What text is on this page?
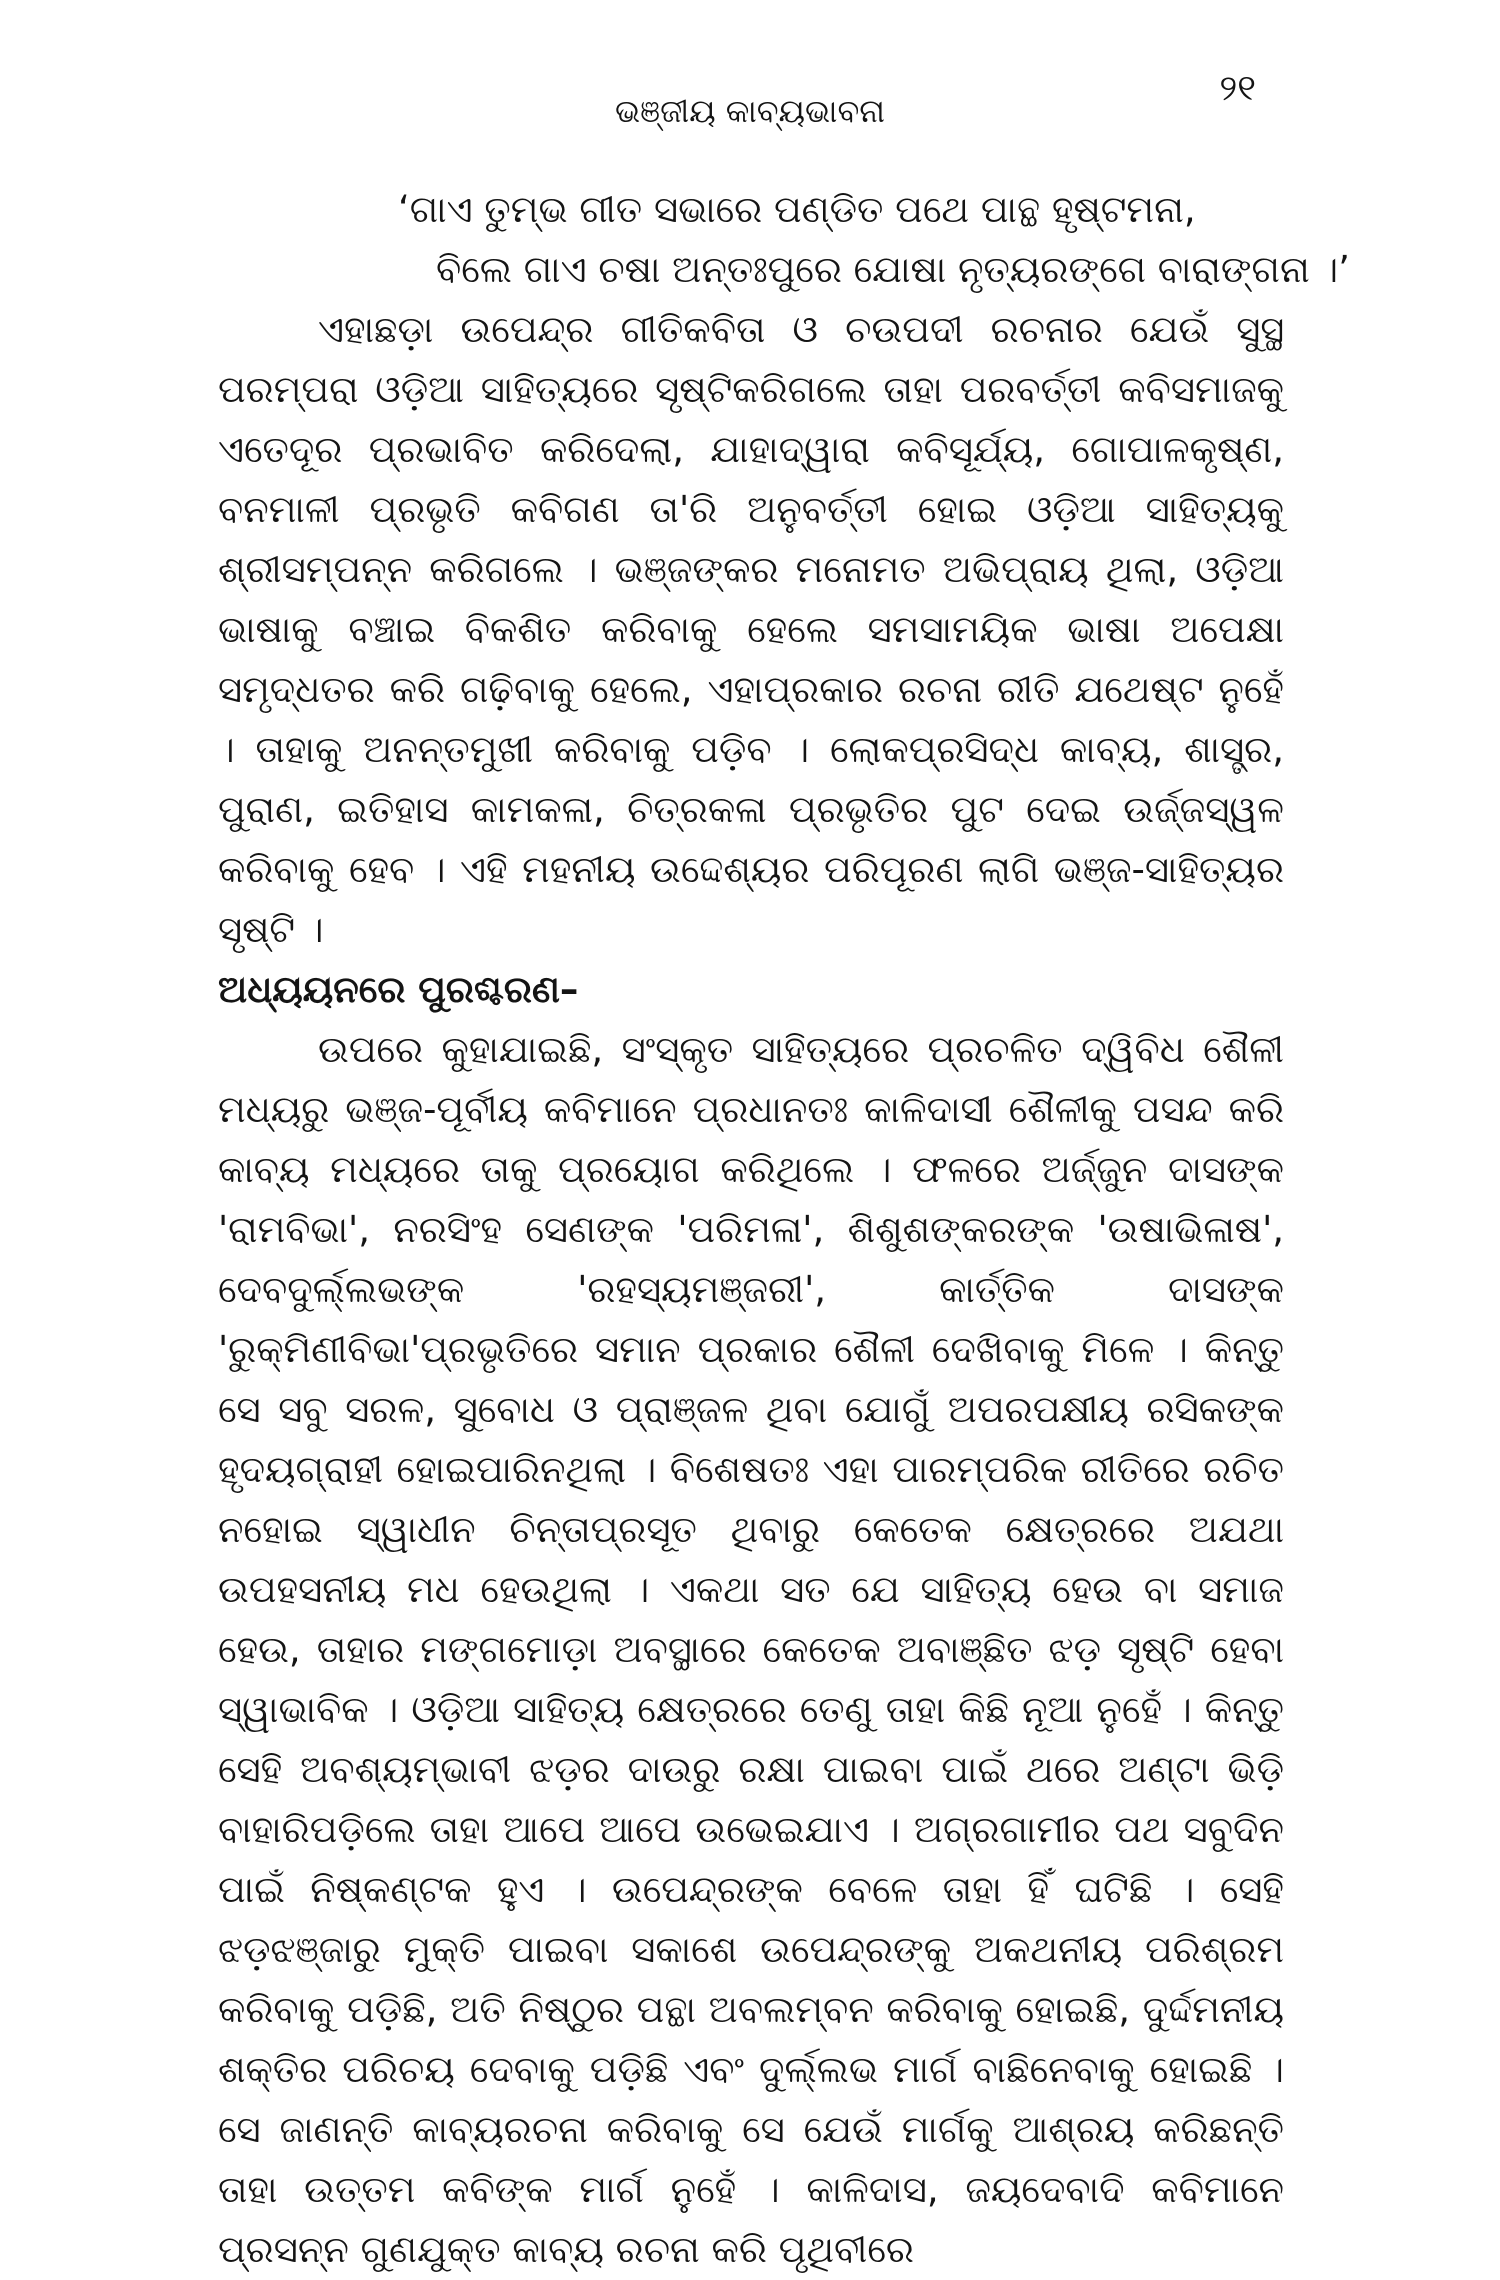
ଭଞ୍ଜୀୟ କାବ୍ୟଭାବନା
୨୧

‘ଗାଏ ତୁମ୍ଭ ଗୀତ ସଭାରେ ପଣ୍ଡିତ ପଥେ ପାନ୍ଥ ହୃଷ୍ଟମନା,

ବିଲେ ଗାଏ ଚଷା ଅନ୍ତଃପୁରେ ଯୋଷା ନୃତ୍ୟରଙ୍ଗେ ବାରାଙ୍ଗନା ।’

ଏହାଛଡ଼ା ଉପେନ୍ଦ୍ର ଗୀତିକବିତା ଓ ଚଉପଦୀ ରଚନାର ଯେଉଁ ସୁସ୍ଥ ପରମ୍ପରା ଓଡ଼ିଆ ସାହିତ୍ୟରେ ସୃଷ୍ଟିକରିଗଲେ ତାହା ପରବର୍ତ୍ତୀ କବିସମାଜକୁ ଏତେଦୂର ପ୍ରଭାବିତ କରିଦେଲା, ଯାହାଦ୍ୱାରା କବିସୂର୍ଯ୍ୟ, ଗୋପାଳକୃଷ୍ଣ, ବନମାଳୀ ପ୍ରଭୃତି କବିଗଣ ତା'ରି ଅନୁବର୍ତ୍ତୀ ହୋଇ ଓଡ଼ିଆ ସାହିତ୍ୟକୁ ଶ୍ରୀସମ୍ପନ୍ନ କରିଗଲେ । ଭଞ୍ଜଙ୍କର ମନୋମତ ଅଭିପ୍ରାୟ ଥିଲା, ଓଡ଼ିଆ ଭାଷାକୁ ବଞ୍ଚାଇ ବିକଶିତ କରିବାକୁ ହେଲେ ସମସାମୟିକ ଭାଷା ଅପେକ୍ଷା ସମୃଦ୍ଧତର କରି ଗଢ଼ିବାକୁ ହେଲେ, ଏହାପ୍ରକାର ରଚନା ରୀତି ଯଥେଷ୍ଟ ନୁହେଁ । ତାହାକୁ ଅନନ୍ତମୁଖୀ କରିବାକୁ ପଡ଼ିବ । ଲୋକପ୍ରସିଦ୍ଧ କାବ୍ୟ, ଶାସ୍ତ୍ର, ପୁରାଣ, ଇତିହାସ କାମକଳା, ଚିତ୍ରକଳା ପ୍ରଭୃତିର ପୁଟ ଦେଇ ଉର୍ଜ୍ଜସ୍ୱଳ କରିବାକୁ ହେବ । ଏହି ମହନୀୟ ଉଦ୍ଦେଶ୍ୟର ପରିପୂରଣ ଲାଗି ଭଞ୍ଜ-ସାହିତ୍ୟର ସୃଷ୍ଟି ।

ଅଧ୍ୟୟନରେ ପୁରଶ୍ଚରଣ–

ଉପରେ କୁହାଯାଇଛି, ସଂସ୍କୃତ ସାହିତ୍ୟରେ ପ୍ରଚଳିତ ଦ୍ୱିବିଧ ଶୈଳୀ ମଧ୍ୟରୁ ଭଞ୍ଜ-ପୂର୍ବୀୟ କବିମାନେ ପ୍ରଧାନତଃ କାଳିଦାସୀ ଶୈଳୀକୁ ପସନ୍ଦ କରି କାବ୍ୟ ମଧ୍ୟରେ ତାକୁ ପ୍ରୟୋଗ କରିଥିଲେ । ଫଳରେ ଅର୍ଜ୍ଜୁନ ଦାସଙ୍କ 'ରାମବିଭା', ନରସିଂହ ସେଣଙ୍କ 'ପରିମଳା', ଶିଶୁଶଙ୍କରଙ୍କ 'ଉଷାଭିଳାଷ', ଦେବଦୁର୍ଲ୍ଲଭଙ୍କ 'ରହସ୍ୟମଞ୍ଜରୀ', କାର୍ତ୍ତିକ ଦାସଙ୍କ 'ରୁକ୍ମିଣୀବିଭା'ପ୍ରଭୃତିରେ ସମାନ ପ୍ରକାର ଶୈଳୀ ଦେଖିବାକୁ ମିଳେ । କିନ୍ତୁ ସେ ସବୁ ସରଳ, ସୁବୋଧ ଓ ପ୍ରାଞ୍ଜଳ ଥିବା ଯୋଗୁଁ ଅପରପକ୍ଷୀୟ ରସିକଙ୍କ ହୃଦୟଗ୍ରାହୀ ହୋଇପାରିନଥିଲା । ବିଶେଷତଃ ଏହା ପାରମ୍ପରିକ ରୀତିରେ ରଚିତ ନହୋଇ ସ୍ୱାଧୀନ ଚିନ୍ତାପ୍ରସୂତ ଥିବାରୁ କେତେକ କ୍ଷେତ୍ରରେ ଅଯଥା ଉପହସନୀୟ ମଧ ହେଉଥିଲା । ଏକଥା ସତ ଯେ ସାହିତ୍ୟ ହେଉ ବା ସମାଜ ହେଉ, ତାହାର ମଙ୍ଗମୋଡ଼ା ଅବସ୍ଥାରେ କେତେକ ଅବାଞ୍ଛିତ ଝଡ଼ ସୃଷ୍ଟି ହେବା ସ୍ୱାଭାବିକ । ଓଡ଼ିଆ ସାହିତ୍ୟ କ୍ଷେତ୍ରରେ ତେଣୁ ତାହା କିଛି ନୂଆ ନୁହେଁ । କିନ୍ତୁ ସେହି ଅବଶ୍ୟମ୍ଭାବୀ ଝଡ଼ର ଦାଉରୁ ରକ୍ଷା ପାଇବା ପାଇଁ ଥରେ ଅଣ୍ଟା ଭିଡ଼ି ବାହାରିପଡ଼ିଲେ ତାହା ଆପେ ଆପେ ଉଭେଇଯାଏ । ଅଗ୍ରଗାମୀର ପଥ ସବୁଦିନ ପାଇଁ ନିଷ୍କଣ୍ଟକ ହୁଏ । ଉପେନ୍ଦ୍ରଙ୍କ ବେଳେ ତାହା ହିଁ ଘଟିଛି । ସେହି ଝଡ଼ଝଞ୍ଜାରୁ ମୁକ୍ତି ପାଇବା ସକାଶେ ଉପେନ୍ଦ୍ରଙ୍କୁ ଅକଥନୀୟ ପରିଶ୍ରମ କରିବାକୁ ପଡ଼ିଛି, ଅତି ନିଷ୍ଠୁର ପନ୍ଥା ଅବଲମ୍ବନ କରିବାକୁ ହୋଇଛି, ଦୁର୍ଦ୍ଦମନୀୟ ଶକ୍ତିର ପରିଚୟ ଦେବାକୁ ପଡ଼ିଛି ଏବଂ ଦୁର୍ଲ୍ଲଭ ମାର୍ଗ ବାଛିନେବାକୁ ହୋଇଛି । ସେ ଜାଣନ୍ତି କାବ୍ୟରଚନା କରିବାକୁ ସେ ଯେଉଁ ମାର୍ଗକୁ ଆଶ୍ରୟ କରିଛନ୍ତି ତାହା ଉତ୍ତମ କବିଙ୍କ ମାର୍ଗ ନୁହେଁ । କାଳିଦାସ, ଜୟଦେବାଦି କବିମାନେ ପ୍ରସନ୍ନ ଗୁଣଯୁକ୍ତ କାବ୍ୟ ରଚନା କରି ପୃଥିବୀରେ
